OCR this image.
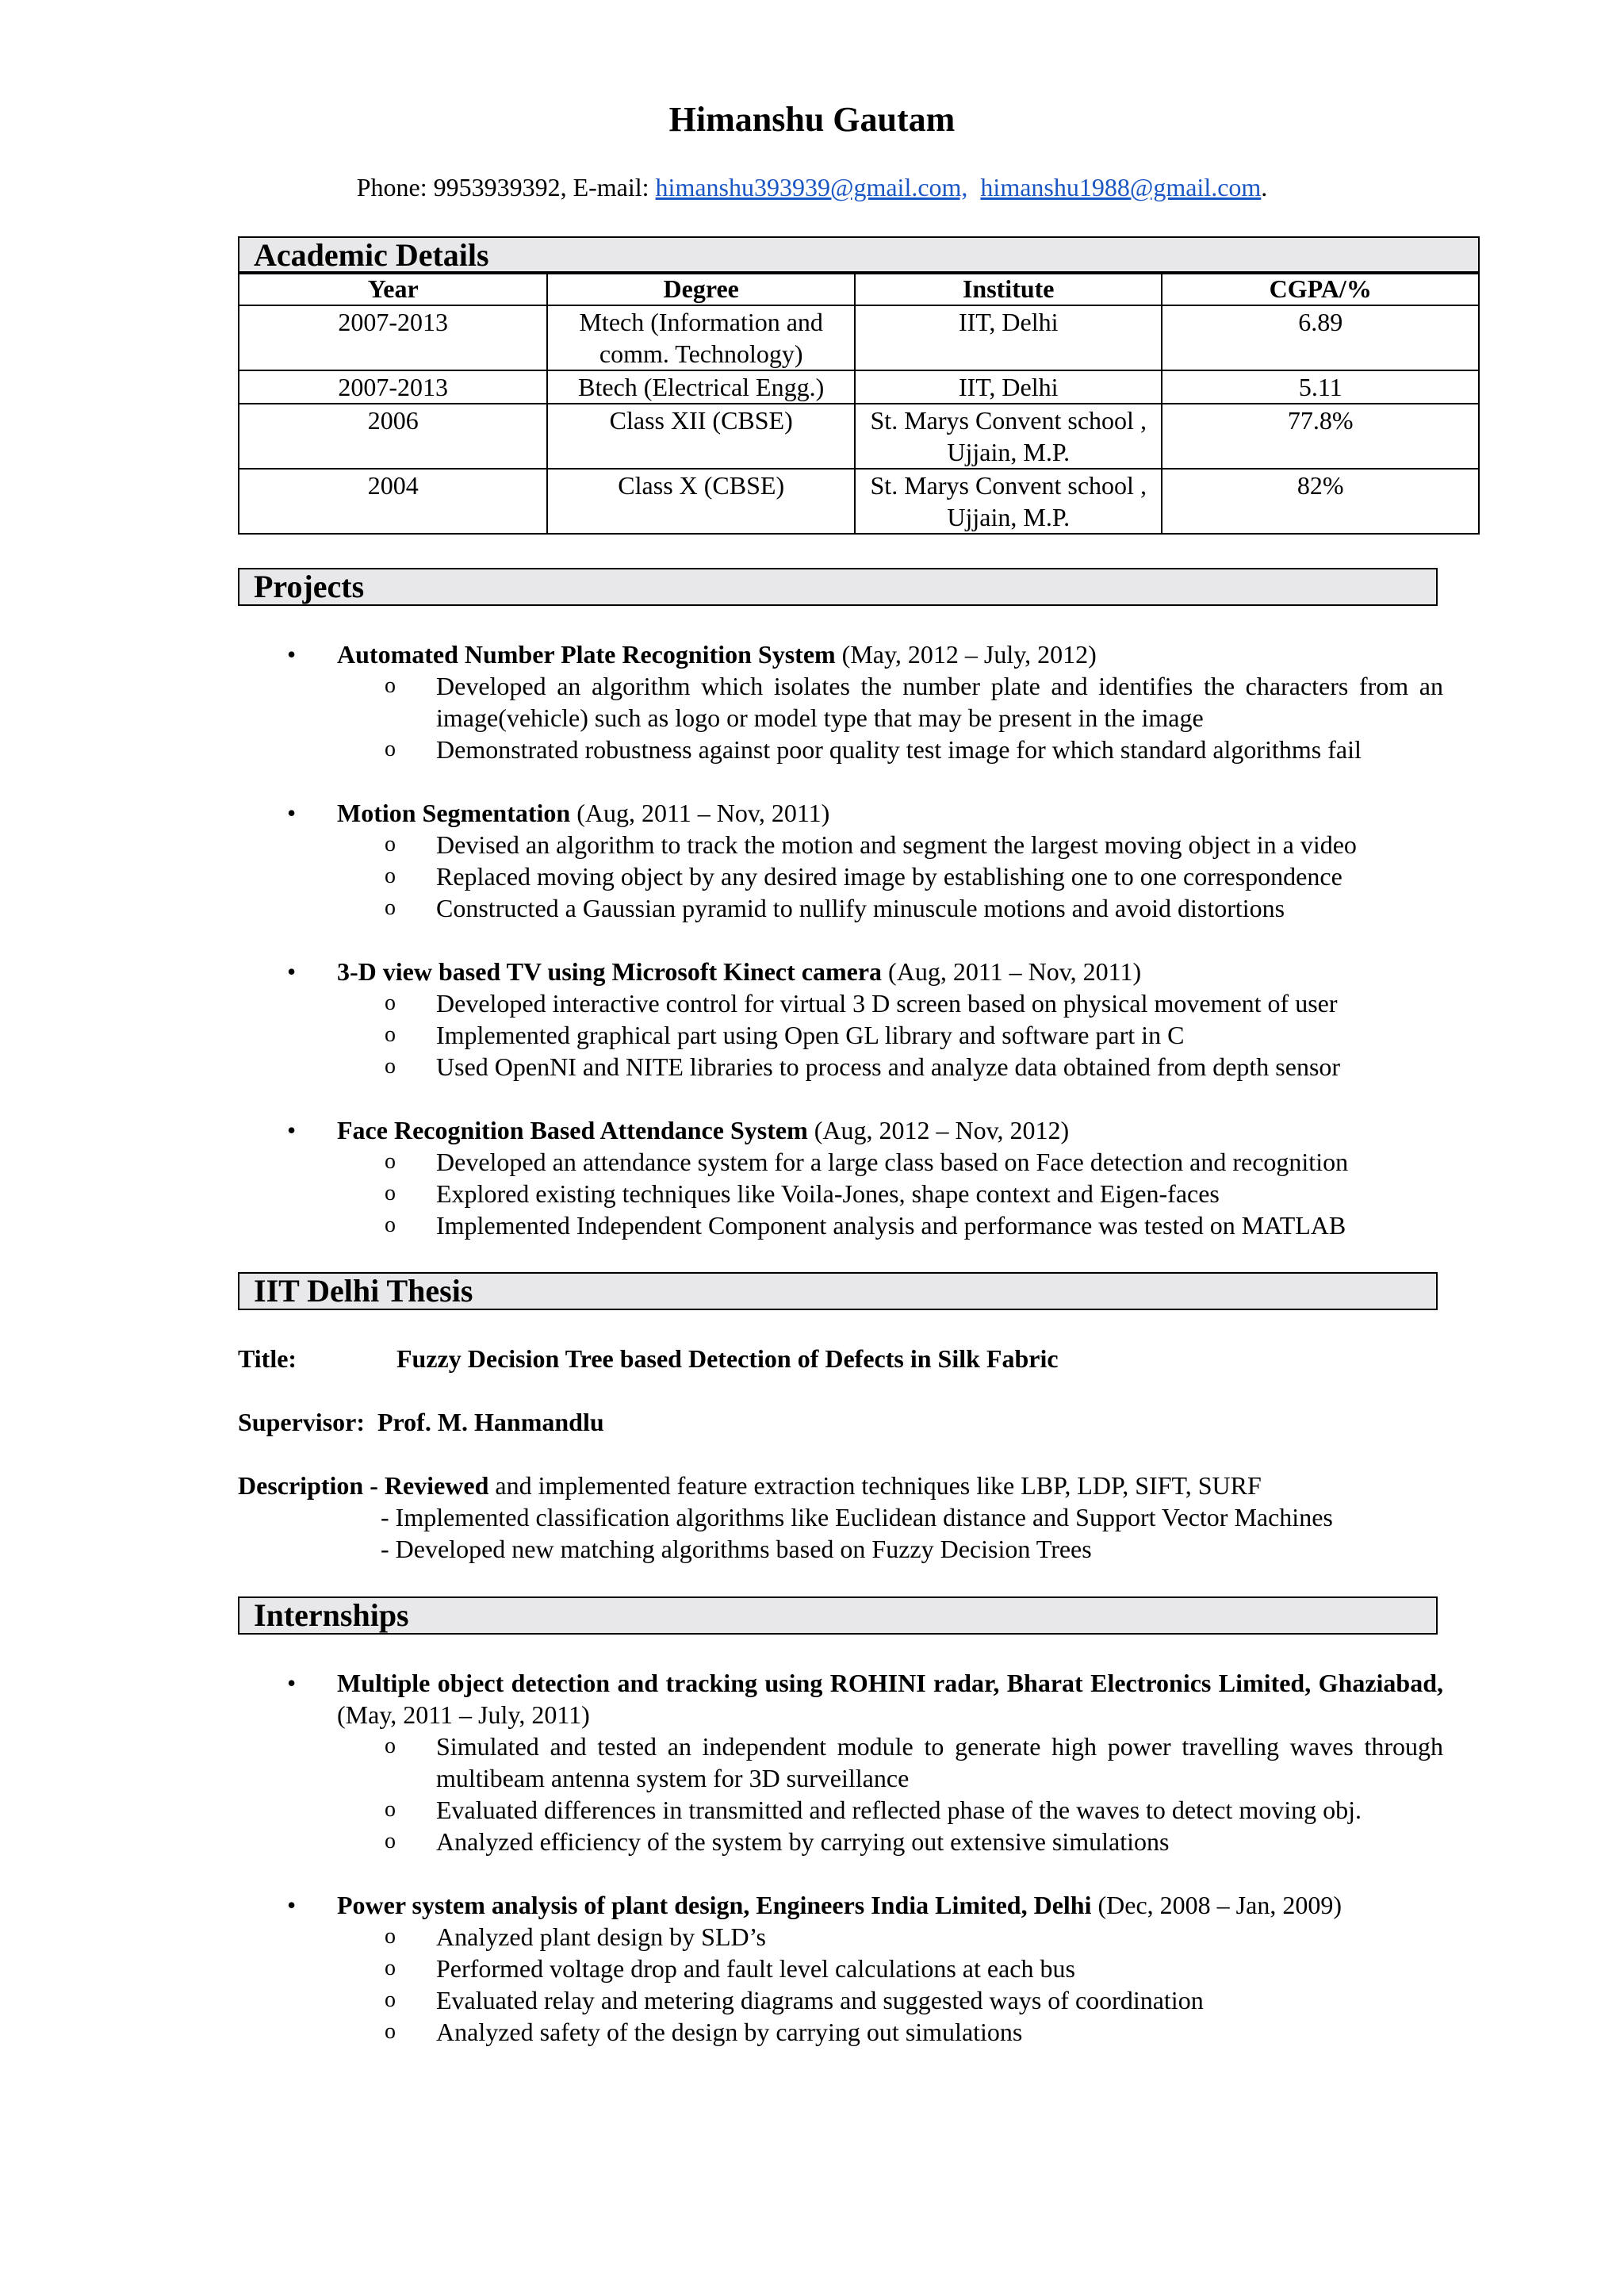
Himanshu Gautam
Phone: 9953939392, E-mail: himanshu393939@gmail.com, himanshu1988@gmail.com.
Academic Details
Year	Degree	Institute	CGPA/%
2007-2013	Mtech (Information and comm. Technology)	IIT, Delhi	6.89
2007-2013	Btech (Electrical Engg.)	IIT, Delhi	5.11
2006	Class XII (CBSE)	St. Marys Convent school , Ujjain, M.P.	77.8%
2004	Class X (CBSE)	St. Marys Convent school , Ujjain, M.P.	82%
Projects
• Automated Number Plate Recognition System (May, 2012 – July, 2012)
o Developed an algorithm which isolates the number plate and identifies the characters from an image(vehicle) such as logo or model type that may be present in the image
o Demonstrated robustness against poor quality test image for which standard algorithms fail
• Motion Segmentation (Aug, 2011 – Nov, 2011)
o Devised an algorithm to track the motion and segment the largest moving object in a video
o Replaced moving object by any desired image by establishing one to one correspondence
o Constructed a Gaussian pyramid to nullify minuscule motions and avoid distortions
• 3-D view based TV using Microsoft Kinect camera (Aug, 2011 – Nov, 2011)
o Developed interactive control for virtual 3 D screen based on physical movement of user
o Implemented graphical part using Open GL library and software part in C
o Used OpenNI and NITE libraries to process and analyze data obtained from depth sensor
• Face Recognition Based Attendance System (Aug, 2012 – Nov, 2012)
o Developed an attendance system for a large class based on Face detection and recognition
o Explored existing techniques like Voila-Jones, shape context and Eigen-faces
o Implemented Independent Component analysis and performance was tested on MATLAB
IIT Delhi Thesis
Title:	Fuzzy Decision Tree based Detection of Defects in Silk Fabric
Supervisor: Prof. M. Hanmandlu
Description - Reviewed and implemented feature extraction techniques like LBP, LDP, SIFT, SURF
- Implemented classification algorithms like Euclidean distance and Support Vector Machines
- Developed new matching algorithms based on Fuzzy Decision Trees
Internships
• Multiple object detection and tracking using ROHINI radar, Bharat Electronics Limited, Ghaziabad, (May, 2011 – July, 2011)
o Simulated and tested an independent module to generate high power travelling waves through multibeam antenna system for 3D surveillance
o Evaluated differences in transmitted and reflected phase of the waves to detect moving obj.
o Analyzed efficiency of the system by carrying out extensive simulations
• Power system analysis of plant design, Engineers India Limited, Delhi (Dec, 2008 – Jan, 2009)
o Analyzed plant design by SLD’s
o Performed voltage drop and fault level calculations at each bus
o Evaluated relay and metering diagrams and suggested ways of coordination
o Analyzed safety of the design by carrying out simulations
